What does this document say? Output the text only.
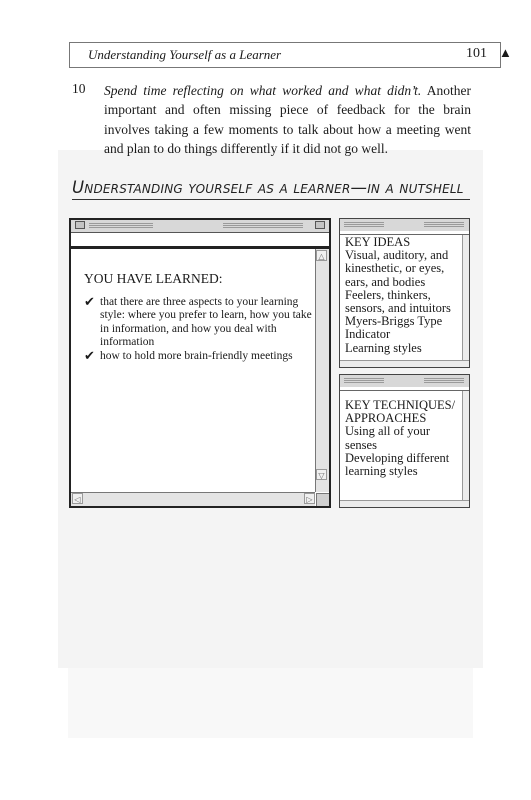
Understanding Yourself as a Learner	101 ▲
10 Spend time reflecting on what worked and what didn’t. Another important and often missing piece of feedback for the brain involves taking a few moments to talk about how a meeting went and plan to do things differently if it did not go well.
Understanding yourself as a learner—in a nutshell
YOU HAVE LEARNED:
✔ that there are three aspects to your learning style: where you prefer to learn, how you take in information, and how you deal with information
✔ how to hold more brain-friendly meetings
△
▽
◁	▷
KEY IDEAS
Visual, auditory, and kinesthetic, or eyes, ears, and bodies
Feelers, thinkers, sensors, and intuitors
Myers-Briggs Type Indicator
Learning styles
KEY TECHNIQUES/ APPROACHES
Using all of your senses
Developing different learning styles
